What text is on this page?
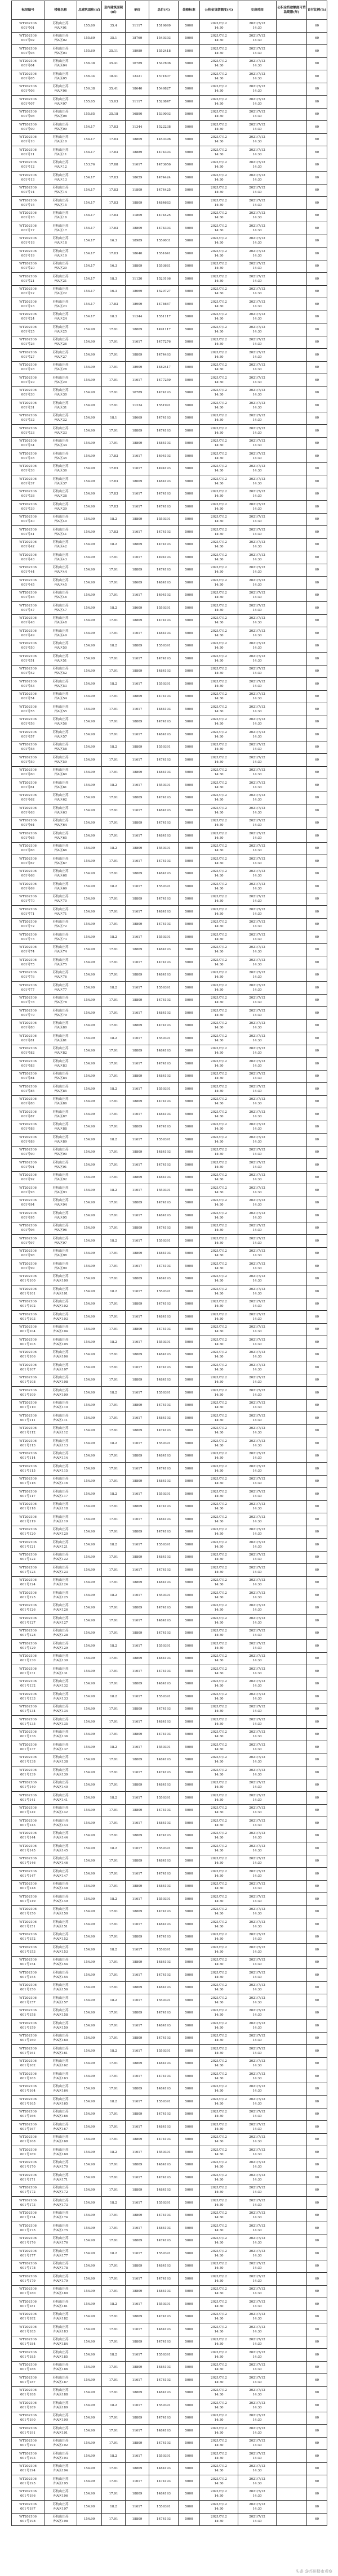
标段编号	楼栋名称	总建筑面积(㎡)	套内建筑面积(㎡)	单价	总价(元)	装修标准	公积金贷款额度(元)	交房时间	公积金贷款额度可贷款期限(年)	首付比例(%)
WT202106
001号01	苏杭山庄苏
州A区01	155.69	35.4	11117	1519699	5000	2021/7/12
14:30	2021/7/12
14:30		60
WT202106
001号02	苏杭山庄苏
州A区02	155.69	35.1	18769	1549393	5000	2021/7/12
14:30	2021/7/12
14:30		60
WT202106
001号03	苏杭山庄苏
州A区03	155.69	35.11	18989	1552418	5000	2021/7/12
14:30	2021/7/12
14:30		60
WT202106
001号04	苏杭山庄苏
州A区04	156.38	35.41	16789	1547806	5000	2021/7/12
14:30	2021/7/12
14:30		60
WT202106
001号05	苏杭山庄苏
州A区05	156.34	18.41	12221	1571607	5000	2021/7/12
14:30	2021/7/12
14:30		60
WT202106
001号06	苏杭山庄苏
州A区06	156.38	35.41	18640	1549827	5000	2021/7/12
14:30	2021/7/12
14:30		60
WT202106
001号07	苏杭山庄苏
州A区07	155.65	15.03	11117	1520847	5000	2021/7/12
14:30	2021/7/12
14:30		60
WT202106
001号08	苏杭山庄苏
州A区08	155.65	35.18	16890	1539093	5000	2021/7/12
14:30	2021/7/12
14:30		60
WT202106
001号09	苏杭山庄苏
州A区09	154.17	17.83	11344	1522238	5000	2021/7/12
14:30	2021/7/12
14:30		60
WT202106
001号10	苏杭山庄苏
州A区10	154.17	17.83	18809	1450396	5000	2021/7/12
14:30	2021/7/12
14:30		60
WT202106
001号11	苏杭山庄苏
州A区11	154.17	17.83	18889	1474393	5000	2021/7/12
14:30	2021/7/12
14:30		60
WT202106
001号12	苏杭山庄苏
州A区12	153.76	17.88	11617	1473656	5000	2021/7/12
14:30	2021/7/12
14:30		60
WT202106
001号13	苏杭山庄苏
州A区13	154.17	17.83	18659	1474424	5000	2021/7/12
14:30	2021/7/12
14:30		60
WT202106
001号14	苏杭山庄苏
州A区14	154.17	17.83	11809	1474425	5000	2021/7/12
14:30	2021/7/12
14:30		60
WT202106
001号15	苏杭山庄苏
州A区15	154.17	17.83	18809	1484683	5000	2021/7/12
14:30	2021/7/12
14:30		60
WT202106
001号16	苏杭山庄苏
州A区16	154.17	17.83	11809	1474425	5000	2021/7/12
14:30	2021/7/12
14:30		60
WT202106
001号17	苏杭山庄苏
州A区17	154.17	17.83	18809	1474393	5000	2021/7/12
14:30	2021/7/12
14:30		60
WT202106
001号18	苏杭山庄苏
州A区18	154.17	16.3	18989	1559031	5000	2021/7/12
14:30	2021/7/12
14:30		60
WT202106
001号19	苏杭山庄苏
州A区19	154.17	17.83	18640	1551641	5000	2021/7/12
14:30	2021/7/12
14:30		60
WT202106
001号20	苏杭山庄苏
州A区20	154.17	16.3	18809	1553681	5000	2021/7/12
14:30	2021/7/12
14:30		60
WT202106
001号21	苏杭山庄苏
州A区21	154.17	18.3	11120	1520166	5000	2021/7/12
14:30	2021/7/12
14:30		60
WT202106
001号22	苏杭山庄苏
州A区22	154.17	16.3	18669	1529727	5000	2021/7/12
14:30	2021/7/12
14:30		60
WT202106
001号23	苏杭山庄苏
州A区23	154.17	17.83	18909	1474667	5000	2021/7/12
14:30	2021/7/12
14:30		60
WT202106
001号24	苏杭山庄苏
州A区24	154.17	18.3	11344	1551117	5000	2021/7/12
14:30	2021/7/12
14:30		60
WT202106
001号25	苏杭山庄苏
州A区25	154.99	17.91	18809	1491117	5000	2021/7/12
14:30	2021/7/12
14:30		60
WT202106
001号26	苏杭山庄苏
州A区26	154.99	17.91	11617	1477276	5000	2021/7/12
14:30	2021/7/12
14:30		60
WT202106
001号27	苏杭山庄苏
州A区27	154.99	17.91	18809	1474493	5000	2021/7/12
14:30	2021/7/12
14:30		60
WT202106
001号28	苏杭山庄苏
州A区28	154.99	17.91	18909	1482417	5000	2021/7/12
14:30	2021/7/12
14:30		60
WT202106
001号29	苏杭山庄苏
州A区29	154.99	17.91	11617	1477259	5000	2021/7/12
14:30	2021/7/12
14:30		60
WT202106
001号30	苏杭山庄苏
州A区30	154.99	17.91	16789	1474193	5000	2021/7/12
14:30	2021/7/12
14:30		60
WT202106
001号31	苏杭山庄苏
州A区31	154.99	17.91	11234	1551991	5000	2021/7/12
14:30	2021/7/12
14:30		60
WT202106
001号32	苏杭山庄苏
州A区32	154.99	18.1	18669	1474193	5000	2021/7/12
14:30	2021/7/12
14:30		60
WT202106
001号33	苏杭山庄苏
州A区33	154.99	17.91	18809	1474193	5000	2021/7/12
14:30	2021/7/12
14:30		60
WT202106
001号34	苏杭山庄苏
州A区34	154.99	17.91	18809	1484193	5000	2021/7/12
14:30	2021/7/12
14:30		60
WT202106
001号35	苏杭山庄苏
州A区35	154.99	17.83	11617	1494193	5000	2021/7/12
14:30	2021/7/12
14:30		60
WT202106
001号36	苏杭山庄苏
州A区36	154.99	17.83	11617	1494193	5000	2021/7/12
14:30	2021/7/12
14:30		60
WT202106
001号37	苏杭山庄苏
州A区37	154.99	17.83	18609	1484193	5000	2021/7/12
14:30	2021/7/12
14:30		60
WT202106
001号38	苏杭山庄苏
州A区38	154.99	17.83	11617	1474193	5000	2021/7/12
14:30	2021/7/12
14:30		60
WT202106
001号39	苏杭山庄苏
州A区39	154.99	17.83	11617	1474193	5000	2021/7/12
14:30	2021/7/12
14:30		60
WT202106
001号40	苏杭山庄苏
州A区40	154.99	18.2	18809	1559391	5000	2021/7/12
14:30	2021/7/12
14:30		60
WT202106
001号41	苏杭山庄苏
州A区41	154.99	17.83	11617	1474193	5000	2021/7/12
14:30	2021/7/12
14:30		60
WT202106
001号42	苏杭山庄苏
州A区42	154.99	18.2	18809	1474193	5000	2021/7/12
14:30	2021/7/12
14:30		60
WT202106
001号43	苏杭山庄苏
州A区43	154.99	17.91	11617	1494193	5000	2021/7/12
14:30	2021/7/12
14:30		60
WT202106
001号44	苏杭山庄苏
州A区44	154.99	17.91	18809	1474193	5000	2021/7/12
14:30	2021/7/12
14:30		60
WT202106
001号45	苏杭山庄苏
州A区45	154.99	17.91	18609	1484193	5000	2021/7/12
14:30	2021/7/12
14:30		60
WT202106
001号46	苏杭山庄苏
州A区46	154.99	17.91	11617	1494193	5000	2021/7/12
14:30	2021/7/12
14:30		60
WT202106
001号47	苏杭山庄苏
州A区47	154.99	18.2	18609	1559391	5000	2021/7/12
14:30	2021/7/12
14:30		60
WT202106
001号48	苏杭山庄苏
州A区48	154.99	17.91	18809	1474193	5000	2021/7/12
14:30	2021/7/12
14:30		60
WT202106
001号49	苏杭山庄苏
州A区49	154.99	17.91	11617	1484193	5000	2021/7/12
14:30	2021/7/12
14:30		60
WT202106
001号50	苏杭山庄苏
州A区50	154.99	18.2	18809	1559391	5000	2021/7/12
14:30	2021/7/12
14:30		60
WT202106
001号51	苏杭山庄苏
州A区51	154.99	17.91	11617	1474193	5000	2021/7/12
14:30	2021/7/12
14:30		60
WT202106
001号52	苏杭山庄苏
州A区52	154.99	17.91	18809	1484193	5000	2021/7/12
14:30	2021/7/12
14:30		60
WT202106
001号53	苏杭山庄苏
州A区53	154.99	18.2	11617	1559391	5000	2021/7/12
14:30	2021/7/12
14:30		60
WT202106
001号54	苏杭山庄苏
州A区54	154.99	17.91	18809	1474193	5000	2021/7/12
14:30	2021/7/12
14:30		60
WT202106
001号55	苏杭山庄苏
州A区55	154.99	17.91	11617	1484193	5000	2021/7/12
14:30	2021/7/12
14:30		60
WT202106
001号56	苏杭山庄苏
州A区56	154.99	17.91	18809	1474193	5000	2021/7/12
14:30	2021/7/12
14:30		60
WT202106
001号57	苏杭山庄苏
州A区57	154.99	17.91	11617	1484193	5000	2021/7/12
14:30	2021/7/12
14:30		60
WT202106
001号58	苏杭山庄苏
州A区58	154.99	18.2	18809	1559391	5000	2021/7/12
14:30	2021/7/12
14:30		60
WT202106
001号59	苏杭山庄苏
州A区59	154.99	17.91	11617	1474193	5000	2021/7/12
14:30	2021/7/12
14:30		60
WT202106
001号60	苏杭山庄苏
州A区60	154.99	17.91	18809	1484193	5000	2021/7/12
14:30	2021/7/12
14:30		60
WT202106
001号61	苏杭山庄苏
州A区61	154.99	18.2	11617	1559391	5000	2021/7/12
14:30	2021/7/12
14:30		60
WT202106
001号62	苏杭山庄苏
州A区62	154.99	17.91	18809	1474193	5000	2021/7/12
14:30	2021/7/12
14:30		60
WT202106
001号63	苏杭山庄苏
州A区63	154.99	17.91	11617	1484193	5000	2021/7/12
14:30	2021/7/12
14:30		60
WT202106
001号64	苏杭山庄苏
州A区64	154.99	17.91	18809	1474193	5000	2021/7/12
14:30	2021/7/12
14:30		60
WT202106
001号65	苏杭山庄苏
州A区65	154.99	17.91	11617	1484193	5000	2021/7/12
14:30	2021/7/12
14:30		60
WT202106
001号66	苏杭山庄苏
州A区66	154.99	18.2	18809	1559391	5000	2021/7/12
14:30	2021/7/12
14:30		60
WT202106
001号67	苏杭山庄苏
州A区67	154.99	17.91	11617	1474193	5000	2021/7/12
14:30	2021/7/12
14:30		60
WT202106
001号68	苏杭山庄苏
州A区68	154.99	17.91	18809	1484193	5000	2021/7/12
14:30	2021/7/12
14:30		60
WT202106
001号69	苏杭山庄苏
州A区69	154.99	18.2	11617	1559391	5000	2021/7/12
14:30	2021/7/12
14:30		60
WT202106
001号70	苏杭山庄苏
州A区70	154.99	17.91	18809	1474193	5000	2021/7/12
14:30	2021/7/12
14:30		60
WT202106
001号71	苏杭山庄苏
州A区71	154.99	17.91	11617	1484193	5000	2021/7/12
14:30	2021/7/12
14:30		60
WT202106
001号72	苏杭山庄苏
州A区72	154.99	17.91	18809	1474193	5000	2021/7/12
14:30	2021/7/12
14:30		60
WT202106
001号73	苏杭山庄苏
州A区73	154.99	18.2	11617	1559391	5000	2021/7/12
14:30	2021/7/12
14:30		60
WT202106
001号74	苏杭山庄苏
州A区74	154.99	17.91	18809	1484193	5000	2021/7/12
14:30	2021/7/12
14:30		60
WT202106
001号75	苏杭山庄苏
州A区75	154.99	17.91	11617	1474193	5000	2021/7/12
14:30	2021/7/12
14:30		60
WT202106
001号76	苏杭山庄苏
州A区76	154.99	17.91	18809	1484193	5000	2021/7/12
14:30	2021/7/12
14:30		60
WT202106
001号77	苏杭山庄苏
州A区77	154.99	18.2	11617	1559391	5000	2021/7/12
14:30	2021/7/12
14:30		60
WT202106
001号78	苏杭山庄苏
州A区78	154.99	17.91	18809	1474193	5000	2021/7/12
14:30	2021/7/12
14:30		60
WT202106
001号79	苏杭山庄苏
州A区79	154.99	17.91	11617	1484193	5000	2021/7/12
14:30	2021/7/12
14:30		60
WT202106
001号80	苏杭山庄苏
州A区80	154.99	17.91	18809	1474193	5000	2021/7/12
14:30	2021/7/12
14:30		60
WT202106
001号81	苏杭山庄苏
州A区81	154.99	18.2	11617	1559391	5000	2021/7/12
14:30	2021/7/12
14:30		60
WT202106
001号82	苏杭山庄苏
州A区82	154.99	17.91	18809	1484193	5000	2021/7/12
14:30	2021/7/12
14:30		60
WT202106
001号83	苏杭山庄苏
州A区83	154.99	17.91	11617	1474193	5000	2021/7/12
14:30	2021/7/12
14:30		60
WT202106
001号84	苏杭山庄苏
州A区84	154.99	17.91	18809	1484193	5000	2021/7/12
14:30	2021/7/12
14:30		60
WT202106
001号85	苏杭山庄苏
州A区85	154.99	18.2	11617	1559391	5000	2021/7/12
14:30	2021/7/12
14:30		60
WT202106
001号86	苏杭山庄苏
州A区86	154.99	17.91	18809	1474193	5000	2021/7/12
14:30	2021/7/12
14:30		60
WT202106
001号87	苏杭山庄苏
州A区87	154.99	17.91	11617	1484193	5000	2021/7/12
14:30	2021/7/12
14:30		60
WT202106
001号88	苏杭山庄苏
州A区88	154.99	17.91	18809	1474193	5000	2021/7/12
14:30	2021/7/12
14:30		60
WT202106
001号89	苏杭山庄苏
州A区89	154.99	18.2	11617	1559391	5000	2021/7/12
14:30	2021/7/12
14:30		60
WT202106
001号90	苏杭山庄苏
州A区90	154.99	17.91	18809	1484193	5000	2021/7/12
14:30	2021/7/12
14:30		60
WT202106
001号91	苏杭山庄苏
州A区91	154.99	17.91	11617	1474193	5000	2021/7/12
14:30	2021/7/12
14:30		60
WT202106
001号92	苏杭山庄苏
州A区92	154.99	17.91	18809	1484193	5000	2021/7/12
14:30	2021/7/12
14:30		60
WT202106
001号93	苏杭山庄苏
州A区93	154.99	18.2	11617	1559391	5000	2021/7/12
14:30	2021/7/12
14:30		60
WT202106
001号94	苏杭山庄苏
州A区94	154.99	17.91	18809	1474193	5000	2021/7/12
14:30	2021/7/12
14:30		60
WT202106
001号95	苏杭山庄苏
州A区95	154.99	17.91	11617	1484193	5000	2021/7/12
14:30	2021/7/12
14:30		60
WT202106
001号96	苏杭山庄苏
州A区96	154.99	17.91	18809	1474193	5000	2021/7/12
14:30	2021/7/12
14:30		60
WT202106
001号97	苏杭山庄苏
州A区97	154.99	18.2	11617	1559391	5000	2021/7/12
14:30	2021/7/12
14:30		60
WT202106
001号98	苏杭山庄苏
州A区98	154.99	17.91	18809	1484193	5000	2021/7/12
14:30	2021/7/12
14:30		60
WT202106
001号99	苏杭山庄苏
州A区99	154.99	17.91	11617	1474193	5000	2021/7/12
14:30	2021/7/12
14:30		60
WT202106
001号100	苏杭山庄苏
州A区100	154.99	17.91	18809	1484193	5000	2021/7/12
14:30	2021/7/12
14:30		60
WT202106
001号101	苏杭山庄苏
州A区101	154.99	18.2	11617	1559391	5000	2021/7/12
14:30	2021/7/12
14:30		60
WT202106
001号102	苏杭山庄苏
州A区102	154.99	17.91	18809	1474193	5000	2021/7/12
14:30	2021/7/12
14:30		60
WT202106
001号103	苏杭山庄苏
州A区103	154.99	17.91	11617	1484193	5000	2021/7/12
14:30	2021/7/12
14:30		60
WT202106
001号104	苏杭山庄苏
州A区104	154.99	17.91	18809	1474193	5000	2021/7/12
14:30	2021/7/12
14:30		60
WT202106
001号105	苏杭山庄苏
州A区105	154.99	18.2	11617	1559391	5000	2021/7/12
14:30	2021/7/12
14:30		60
WT202106
001号106	苏杭山庄苏
州A区106	154.99	17.91	18809	1484193	5000	2021/7/12
14:30	2021/7/12
14:30		60
WT202106
001号107	苏杭山庄苏
州A区107	154.99	17.91	11617	1474193	5000	2021/7/12
14:30	2021/7/12
14:30		60
WT202106
001号108	苏杭山庄苏
州A区108	154.99	17.91	18809	1484193	5000	2021/7/12
14:30	2021/7/12
14:30		60
WT202106
001号109	苏杭山庄苏
州A区109	154.99	18.2	11617	1559391	5000	2021/7/12
14:30	2021/7/12
14:30		60
WT202106
001号110	苏杭山庄苏
州A区110	154.99	17.91	18809	1474193	5000	2021/7/12
14:30	2021/7/12
14:30		60
WT202106
001号111	苏杭山庄苏
州A区111	154.99	17.91	11617	1484193	5000	2021/7/12
14:30	2021/7/12
14:30		60
WT202106
001号112	苏杭山庄苏
州A区112	154.99	17.91	18809	1474193	5000	2021/7/12
14:30	2021/7/12
14:30		60
WT202106
001号113	苏杭山庄苏
州A区113	154.99	18.2	11617	1559391	5000	2021/7/12
14:30	2021/7/12
14:30		60
WT202106
001号114	苏杭山庄苏
州A区114	154.99	17.91	18809	1484193	5000	2021/7/12
14:30	2021/7/12
14:30		60
WT202106
001号115	苏杭山庄苏
州A区115	154.99	17.91	11617	1474193	5000	2021/7/12
14:30	2021/7/12
14:30		60
WT202106
001号116	苏杭山庄苏
州A区116	154.99	17.91	18809	1484193	5000	2021/7/12
14:30	2021/7/12
14:30		60
WT202106
001号117	苏杭山庄苏
州A区117	154.99	18.2	11617	1559391	5000	2021/7/12
14:30	2021/7/12
14:30		60
WT202106
001号118	苏杭山庄苏
州A区118	154.99	17.91	18809	1474193	5000	2021/7/12
14:30	2021/7/12
14:30		60
WT202106
001号119	苏杭山庄苏
州A区119	154.99	17.91	11617	1484193	5000	2021/7/12
14:30	2021/7/12
14:30		60
WT202106
001号120	苏杭山庄苏
州A区120	154.99	17.91	18809	1474193	5000	2021/7/12
14:30	2021/7/12
14:30		60
WT202106
001号121	苏杭山庄苏
州A区121	154.99	18.2	11617	1559391	5000	2021/7/12
14:30	2021/7/12
14:30		60
WT202106
001号122	苏杭山庄苏
州A区122	154.99	17.91	18809	1484193	5000	2021/7/12
14:30	2021/7/12
14:30		60
WT202106
001号123	苏杭山庄苏
州A区123	154.99	17.91	11617	1474193	5000	2021/7/12
14:30	2021/7/12
14:30		60
WT202106
001号124	苏杭山庄苏
州A区124	154.99	17.91	18809	1484193	5000	2021/7/12
14:30	2021/7/12
14:30		60
WT202106
001号125	苏杭山庄苏
州A区125	154.99	18.2	11617	1559391	5000	2021/7/12
14:30	2021/7/12
14:30		60
WT202106
001号126	苏杭山庄苏
州A区126	154.99	17.91	18809	1474193	5000	2021/7/12
14:30	2021/7/12
14:30		60
WT202106
001号127	苏杭山庄苏
州A区127	154.99	17.91	11617	1484193	5000	2021/7/12
14:30	2021/7/12
14:30		60
WT202106
001号128	苏杭山庄苏
州A区128	154.99	17.91	18809	1474193	5000	2021/7/12
14:30	2021/7/12
14:30		60
WT202106
001号129	苏杭山庄苏
州A区129	154.99	18.2	11617	1559391	5000	2021/7/12
14:30	2021/7/12
14:30		60
WT202106
001号130	苏杭山庄苏
州A区130	154.99	17.91	18809	1484193	5000	2021/7/12
14:30	2021/7/12
14:30		60
WT202106
001号131	苏杭山庄苏
州A区131	154.99	17.91	11617	1474193	5000	2021/7/12
14:30	2021/7/12
14:30		60
WT202106
001号132	苏杭山庄苏
州A区132	154.99	17.91	18809	1484193	5000	2021/7/12
14:30	2021/7/12
14:30		60
WT202106
001号133	苏杭山庄苏
州A区133	154.99	18.2	11617	1559391	5000	2021/7/12
14:30	2021/7/12
14:30		60
WT202106
001号134	苏杭山庄苏
州A区134	154.99	17.91	18809	1474193	5000	2021/7/12
14:30	2021/7/12
14:30		60
WT202106
001号135	苏杭山庄苏
州A区135	154.99	17.91	11617	1484193	5000	2021/7/12
14:30	2021/7/12
14:30		60
WT202106
001号136	苏杭山庄苏
州A区136	154.99	17.91	18809	1474193	5000	2021/7/12
14:30	2021/7/12
14:30		60
WT202106
001号137	苏杭山庄苏
州A区137	154.99	18.2	11617	1559391	5000	2021/7/12
14:30	2021/7/12
14:30		60
WT202106
001号138	苏杭山庄苏
州A区138	154.99	17.91	18809	1484193	5000	2021/7/12
14:30	2021/7/12
14:30		60
WT202106
001号139	苏杭山庄苏
州A区139	154.99	17.91	11617	1474193	5000	2021/7/12
14:30	2021/7/12
14:30		60
WT202106
001号140	苏杭山庄苏
州A区140	154.99	17.91	18809	1484193	5000	2021/7/12
14:30	2021/7/12
14:30		60
WT202106
001号141	苏杭山庄苏
州A区141	154.99	18.2	11617	1559391	5000	2021/7/12
14:30	2021/7/12
14:30		60
WT202106
001号142	苏杭山庄苏
州A区142	154.99	17.91	18809	1474193	5000	2021/7/12
14:30	2021/7/12
14:30		60
WT202106
001号143	苏杭山庄苏
州A区143	154.99	17.91	11617	1484193	5000	2021/7/12
14:30	2021/7/12
14:30		60
WT202106
001号144	苏杭山庄苏
州A区144	154.99	17.91	18809	1474193	5000	2021/7/12
14:30	2021/7/12
14:30		60
WT202106
001号145	苏杭山庄苏
州A区145	154.99	18.2	11617	1559391	5000	2021/7/12
14:30	2021/7/12
14:30		60
WT202106
001号146	苏杭山庄苏
州A区146	154.99	17.91	18809	1484193	5000	2021/7/12
14:30	2021/7/12
14:30		60
WT202106
001号147	苏杭山庄苏
州A区147	154.99	17.91	11617	1474193	5000	2021/7/12
14:30	2021/7/12
14:30		60
WT202106
001号148	苏杭山庄苏
州A区148	154.99	17.91	18809	1484193	5000	2021/7/12
14:30	2021/7/12
14:30		60
WT202106
001号149	苏杭山庄苏
州A区149	154.99	18.2	11617	1559391	5000	2021/7/12
14:30	2021/7/12
14:30		60
WT202106
001号150	苏杭山庄苏
州A区150	154.99	17.91	18809	1474193	5000	2021/7/12
14:30	2021/7/12
14:30		60
WT202106
001号151	苏杭山庄苏
州A区151	154.99	17.91	11617	1484193	5000	2021/7/12
14:30	2021/7/12
14:30		60
WT202106
001号152	苏杭山庄苏
州A区152	154.99	17.91	18809	1474193	5000	2021/7/12
14:30	2021/7/12
14:30		60
WT202106
001号153	苏杭山庄苏
州A区153	154.99	18.2	11617	1559391	5000	2021/7/12
14:30	2021/7/12
14:30		60
WT202106
001号154	苏杭山庄苏
州A区154	154.99	17.91	18809	1484193	5000	2021/7/12
14:30	2021/7/12
14:30		60
WT202106
001号155	苏杭山庄苏
州A区155	154.99	17.91	11617	1474193	5000	2021/7/12
14:30	2021/7/12
14:30		60
WT202106
001号156	苏杭山庄苏
州A区156	154.99	17.91	18809	1484193	5000	2021/7/12
14:30	2021/7/12
14:30		60
WT202106
001号157	苏杭山庄苏
州A区157	154.99	18.2	11617	1559391	5000	2021/7/12
14:30	2021/7/12
14:30		60
WT202106
001号158	苏杭山庄苏
州A区158	154.99	17.91	18809	1474193	5000	2021/7/12
14:30	2021/7/12
14:30		60
WT202106
001号159	苏杭山庄苏
州A区159	154.99	17.91	11617	1484193	5000	2021/7/12
14:30	2021/7/12
14:30		60
WT202106
001号160	苏杭山庄苏
州A区160	154.99	17.91	18809	1474193	5000	2021/7/12
14:30	2021/7/12
14:30		60
WT202106
001号161	苏杭山庄苏
州A区161	154.99	18.2	11617	1559391	5000	2021/7/12
14:30	2021/7/12
14:30		60
WT202106
001号162	苏杭山庄苏
州A区162	154.99	17.91	18809	1484193	5000	2021/7/12
14:30	2021/7/12
14:30		60
WT202106
001号163	苏杭山庄苏
州A区163	154.99	17.91	11617	1474193	5000	2021/7/12
14:30	2021/7/12
14:30		60
WT202106
001号164	苏杭山庄苏
州A区164	154.99	17.91	18809	1484193	5000	2021/7/12
14:30	2021/7/12
14:30		60
WT202106
001号165	苏杭山庄苏
州A区165	154.99	18.2	11617	1559391	5000	2021/7/12
14:30	2021/7/12
14:30		60
WT202106
001号166	苏杭山庄苏
州A区166	154.99	17.91	18809	1474193	5000	2021/7/12
14:30	2021/7/12
14:30		60
WT202106
001号167	苏杭山庄苏
州A区167	154.99	17.91	11617	1484193	5000	2021/7/12
14:30	2021/7/12
14:30		60
WT202106
001号168	苏杭山庄苏
州A区168	154.99	17.91	18809	1474193	5000	2021/7/12
14:30	2021/7/12
14:30		60
WT202106
001号169	苏杭山庄苏
州A区169	154.99	18.2	11617	1559391	5000	2021/7/12
14:30	2021/7/12
14:30		60
WT202106
001号170	苏杭山庄苏
州A区170	154.99	17.91	18809	1484193	5000	2021/7/12
14:30	2021/7/12
14:30		60
WT202106
001号171	苏杭山庄苏
州A区171	154.99	17.91	11617	1474193	5000	2021/7/12
14:30	2021/7/12
14:30		60
WT202106
001号172	苏杭山庄苏
州A区172	154.99	17.91	18809	1484193	5000	2021/7/12
14:30	2021/7/12
14:30		60
WT202106
001号173	苏杭山庄苏
州A区173	154.99	18.2	11617	1559391	5000	2021/7/12
14:30	2021/7/12
14:30		60
WT202106
001号174	苏杭山庄苏
州A区174	154.99	17.91	18809	1474193	5000	2021/7/12
14:30	2021/7/12
14:30		60
WT202106
001号175	苏杭山庄苏
州A区175	154.99	17.91	11617	1484193	5000	2021/7/12
14:30	2021/7/12
14:30		60
WT202106
001号176	苏杭山庄苏
州A区176	154.99	17.91	18809	1474193	5000	2021/7/12
14:30	2021/7/12
14:30		60
WT202106
001号177	苏杭山庄苏
州A区177	154.99	18.2	11617	1559391	5000	2021/7/12
14:30	2021/7/12
14:30		60
WT202106
001号178	苏杭山庄苏
州A区178	154.99	17.91	18809	1484193	5000	2021/7/12
14:30	2021/7/12
14:30		60
WT202106
001号179	苏杭山庄苏
州A区179	154.99	17.91	11617	1474193	5000	2021/7/12
14:30	2021/7/12
14:30		60
WT202106
001号180	苏杭山庄苏
州A区180	154.99	17.91	18809	1484193	5000	2021/7/12
14:30	2021/7/12
14:30		60
WT202106
001号181	苏杭山庄苏
州A区181	154.99	18.2	11617	1559391	5000	2021/7/12
14:30	2021/7/12
14:30		60
WT202106
001号182	苏杭山庄苏
州A区182	154.99	17.91	18809	1474193	5000	2021/7/12
14:30	2021/7/12
14:30		60
WT202106
001号183	苏杭山庄苏
州A区183	154.99	17.91	11617	1484193	5000	2021/7/12
14:30	2021/7/12
14:30		60
WT202106
001号184	苏杭山庄苏
州A区184	154.99	17.91	18809	1474193	5000	2021/7/12
14:30	2021/7/12
14:30		60
WT202106
001号185	苏杭山庄苏
州A区185	154.99	18.2	11617	1559391	5000	2021/7/12
14:30	2021/7/12
14:30		60
WT202106
001号186	苏杭山庄苏
州A区186	154.99	17.91	18809	1484193	5000	2021/7/12
14:30	2021/7/12
14:30		60
WT202106
001号187	苏杭山庄苏
州A区187	154.99	17.91	11617	1474193	5000	2021/7/12
14:30	2021/7/12
14:30		60
WT202106
001号188	苏杭山庄苏
州A区188	154.99	17.91	18809	1484193	5000	2021/7/12
14:30	2021/7/12
14:30		60
WT202106
001号189	苏杭山庄苏
州A区189	154.99	18.2	11617	1559391	5000	2021/7/12
14:30	2021/7/12
14:30		60
WT202106
001号190	苏杭山庄苏
州A区190	154.99	17.91	18809	1474193	5000	2021/7/12
14:30	2021/7/12
14:30		60
WT202106
001号191	苏杭山庄苏
州A区191	154.99	17.91	11617	1484193	5000	2021/7/12
14:30	2021/7/12
14:30		60
WT202106
001号192	苏杭山庄苏
州A区192	154.99	17.91	18809	1474193	5000	2021/7/12
14:30	2021/7/12
14:30		60
WT202106
001号193	苏杭山庄苏
州A区193	154.99	18.2	11617	1559391	5000	2021/7/12
14:30	2021/7/12
14:30		60
WT202106
001号194	苏杭山庄苏
州A区194	154.99	17.91	18809	1484193	5000	2021/7/12
14:30	2021/7/12
14:30		60
WT202106
001号195	苏杭山庄苏
州A区195	154.99	17.91	11617	1474193	5000	2021/7/12
14:30	2021/7/12
14:30		60
WT202106
001号196	苏杭山庄苏
州A区196	154.99	17.91	18809	1484193	5000	2021/7/12
14:30	2021/7/12
14:30		60
WT202106
001号197	苏杭山庄苏
州A区197	154.99	18.2	11617	1559391	5000	2021/7/12
14:30	2021/7/12
14:30		60
WT202106
001号198	苏杭山庄苏
州A区198	154.99	17.91	18809	1474193	5000	2021/7/12
14:30	2021/7/12
14:30		60
头条 @苏州楼市观察
